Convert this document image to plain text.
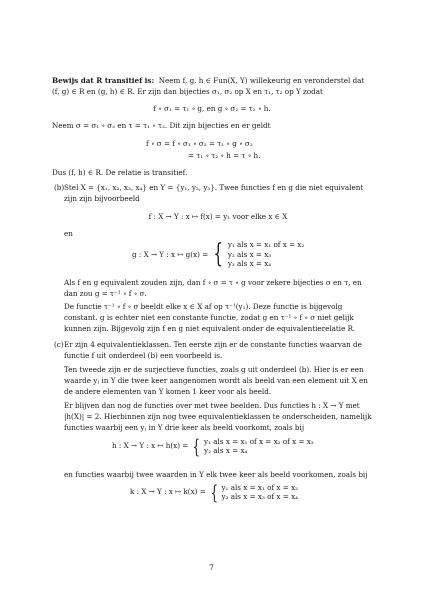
Bewijs dat R transitief is: Neem f, g, h ∈ Fun(X, Y) willekeurig en veronderstel dat
(f, g) ∈ R en (g, h) ∈ R. Er zijn dan bijecties σ₁, σ₂ op X en τ₁, τ₂ op Y zodat
f ∘ σ₁ = τ₁ ∘ g, en g ∘ σ₂ = τ₂ ∘ h.
Neem σ = σ₁ ∘ σ₂ en τ = τ₁ ∘ τ₂. Dit zijn bijecties en er geldt
f ∘ σ = f ∘ σ₁ ∘ σ₂ = τ₁ ∘ g ∘ σ₂
= τ₁ ∘ τ₂ ∘ h = τ ∘ h.
Dus (f, h) ∈ R. De relatie is transitief.
(b) Stel X = {x₁, x₂, x₃, x₄} en Y = {y₁, y₂, y₃}. Twee functies f en g die niet equivalent
zijn zijn bijvoorbeeld
f : X → Y : x ↦ f(x) = y₁ voor elke x ∈ X
en
g : X → Y : x ↦ g(x) = { y₁ als x = x₁ of x = x₂
y₂ als x = x₃
y₃ als x = x₄
Als f en g equivalent zouden zijn, dan f ∘ σ = τ ∘ g voor zekere bijecties σ en τ, en
dan zou g = τ⁻¹ ∘ f ∘ σ.
De functie τ⁻¹ ∘ f ∘ σ beeldt elke x ∈ X af op τ⁻¹(y₁). Deze functie is bijgevolg
constant. g is echter niet een constante functie, zodat g en τ⁻¹ ∘ f ∘ σ niet gelijk
kunnen zijn. Bijgevolg zijn f en g niet equivalent onder de equivalentierelatie R.
(c) Er zijn 4 equivalentieklassen. Ten eerste zijn er de constante functies waarvan de
functie f uit onderdeel (b) een voorbeeld is.
Ten tweede zijn er de surjectieve functies, zoals g uit onderdeel (b). Hier is er een
waarde yⱼ in Y die twee keer aangenomen wordt als beeld van een element uit X en
de andere elementen van Y komen 1 keer voor als beeld.
Er blijven dan nog de functies over met twee beelden. Dus functies h : X → Y met
|h(X)| = 2. Hierbinnen zijn nog twee equivalentieklassen te onderscheiden, namelijk
functies waarbij een yⱼ in Y drie keer als beeld voorkomt, zoals bij
h : X → Y : x ↦ h(x) = { y₁ als x = x₁ of x = x₂ of x = x₃
y₂ als x = x₄
en functies waarbij twee waarden in Y elk twee keer als beeld voorkomen, zoals bij
k : X → Y : x ↦ k(x) = { y₁ als x = x₁ of x = x₂
y₂ als x = x₃ of x = x₄
7
